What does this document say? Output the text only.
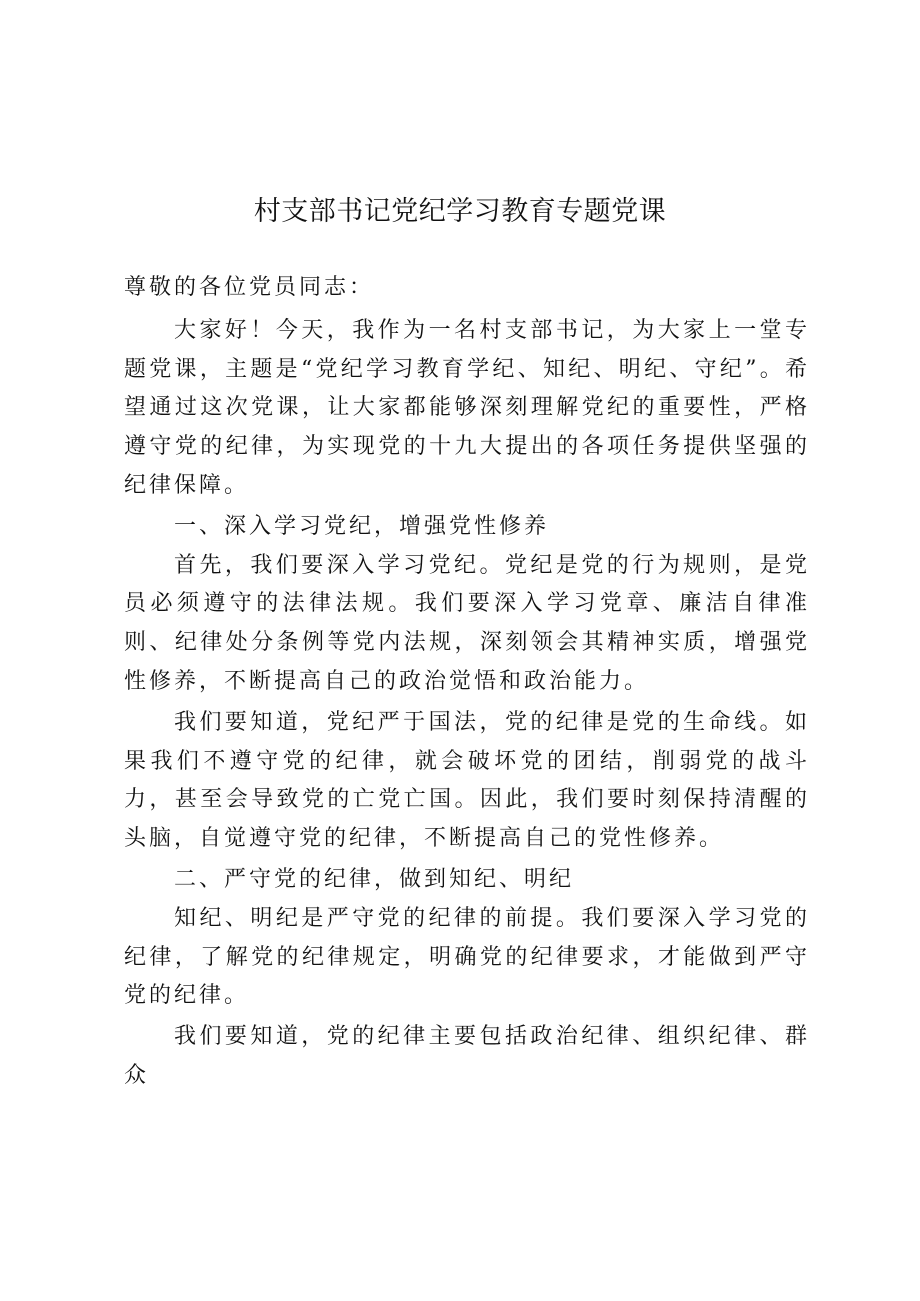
村支部书记党纪学习教育专题党课

尊敬的各位党员同志：

大家好！今天，我作为一名村支部书记，为大家上一堂专题党课，主题是“党纪学习教育学纪、知纪、明纪、守纪”。希望通过这次党课，让大家都能够深刻理解党纪的重要性，严格遵守党的纪律，为实现党的十九大提出的各项任务提供坚强的纪律保障。

一、深入学习党纪，增强党性修养

首先，我们要深入学习党纪。党纪是党的行为规则，是党员必须遵守的法律法规。我们要深入学习党章、廉洁自律准则、纪律处分条例等党内法规，深刻领会其精神实质，增强党性修养，不断提高自己的政治觉悟和政治能力。

我们要知道，党纪严于国法，党的纪律是党的生命线。如果我们不遵守党的纪律，就会破坏党的团结，削弱党的战斗力，甚至会导致党的亡党亡国。因此，我们要时刻保持清醒的头脑，自觉遵守党的纪律，不断提高自己的党性修养。

二、严守党的纪律，做到知纪、明纪

知纪、明纪是严守党的纪律的前提。我们要深入学习党的纪律，了解党的纪律规定，明确党的纪律要求，才能做到严守党的纪律。

我们要知道，党的纪律主要包括政治纪律、组织纪律、群众
